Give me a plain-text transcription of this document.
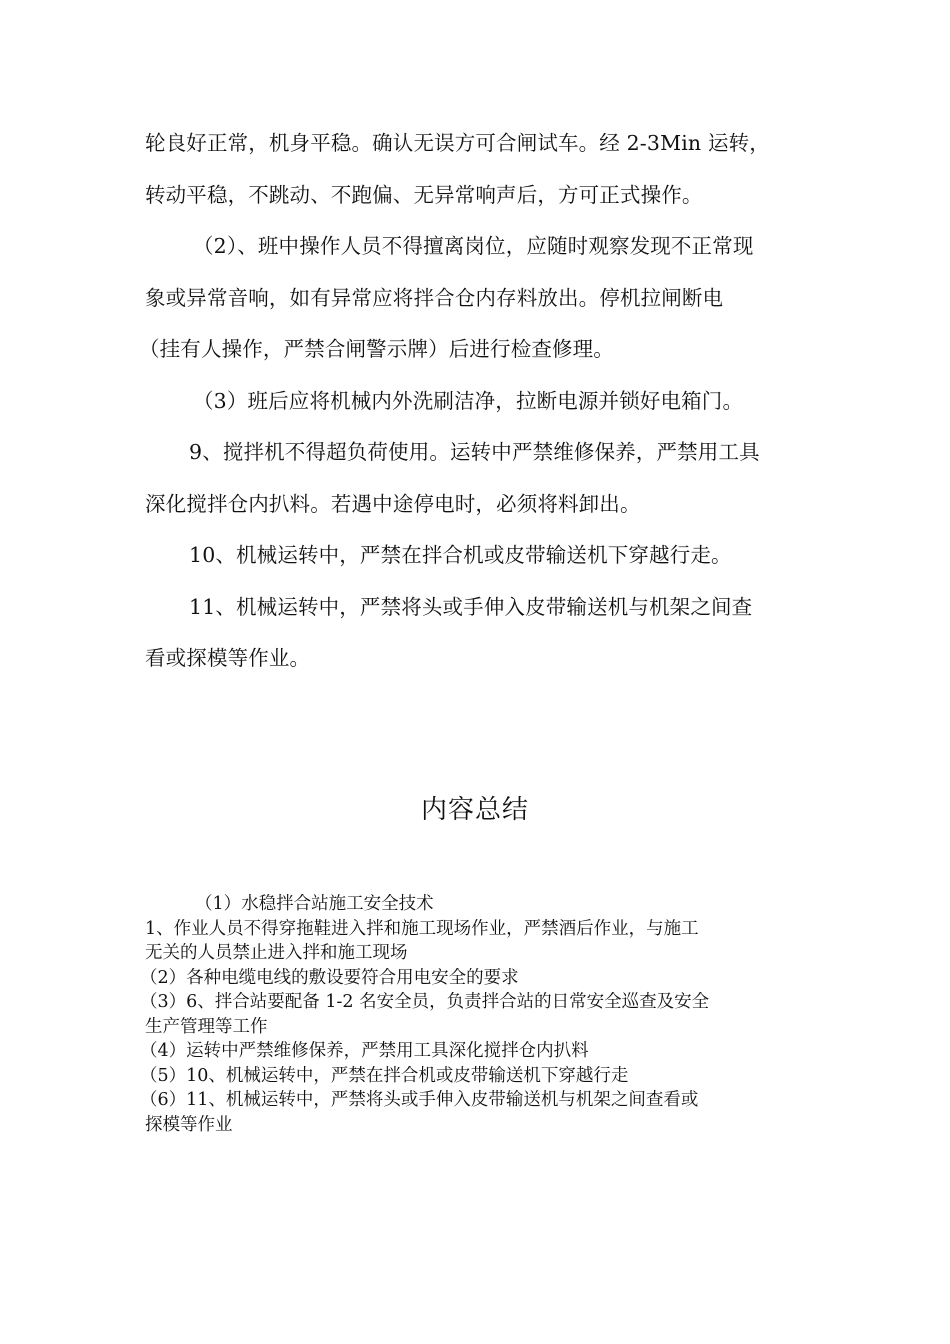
轮良好正常，机身平稳。确认无误方可合闸试车。经 2-3Min 运转，
转动平稳，不跳动、不跑偏、无异常响声后，方可正式操作。
（2）、班中操作人员不得擅离岗位，应随时观察发现不正常现
象或异常音响，如有异常应将拌合仓内存料放出。停机拉闸断电
（挂有人操作，严禁合闸警示牌）后进行检查修理。
（3）班后应将机械内外洗刷洁净，拉断电源并锁好电箱门。
9、搅拌机不得超负荷使用。运转中严禁维修保养，严禁用工具
深化搅拌仓内扒料。若遇中途停电时，必须将料卸出。
10、机械运转中，严禁在拌合机或皮带输送机下穿越行走。
11、机械运转中，严禁将头或手伸入皮带输送机与机架之间查
看或探模等作业。
内容总结
（1）水稳拌合站施工安全技术
1、作业人员不得穿拖鞋进入拌和施工现场作业，严禁酒后作业，与施工
无关的人员禁止进入拌和施工现场
（2）各种电缆电线的敷设要符合用电安全的要求
（3）6、拌合站要配备 1-2 名安全员，负责拌合站的日常安全巡查及安全
生产管理等工作
（4）运转中严禁维修保养，严禁用工具深化搅拌仓内扒料
（5）10、机械运转中，严禁在拌合机或皮带输送机下穿越行走
（6）11、机械运转中，严禁将头或手伸入皮带输送机与机架之间查看或
探模等作业
